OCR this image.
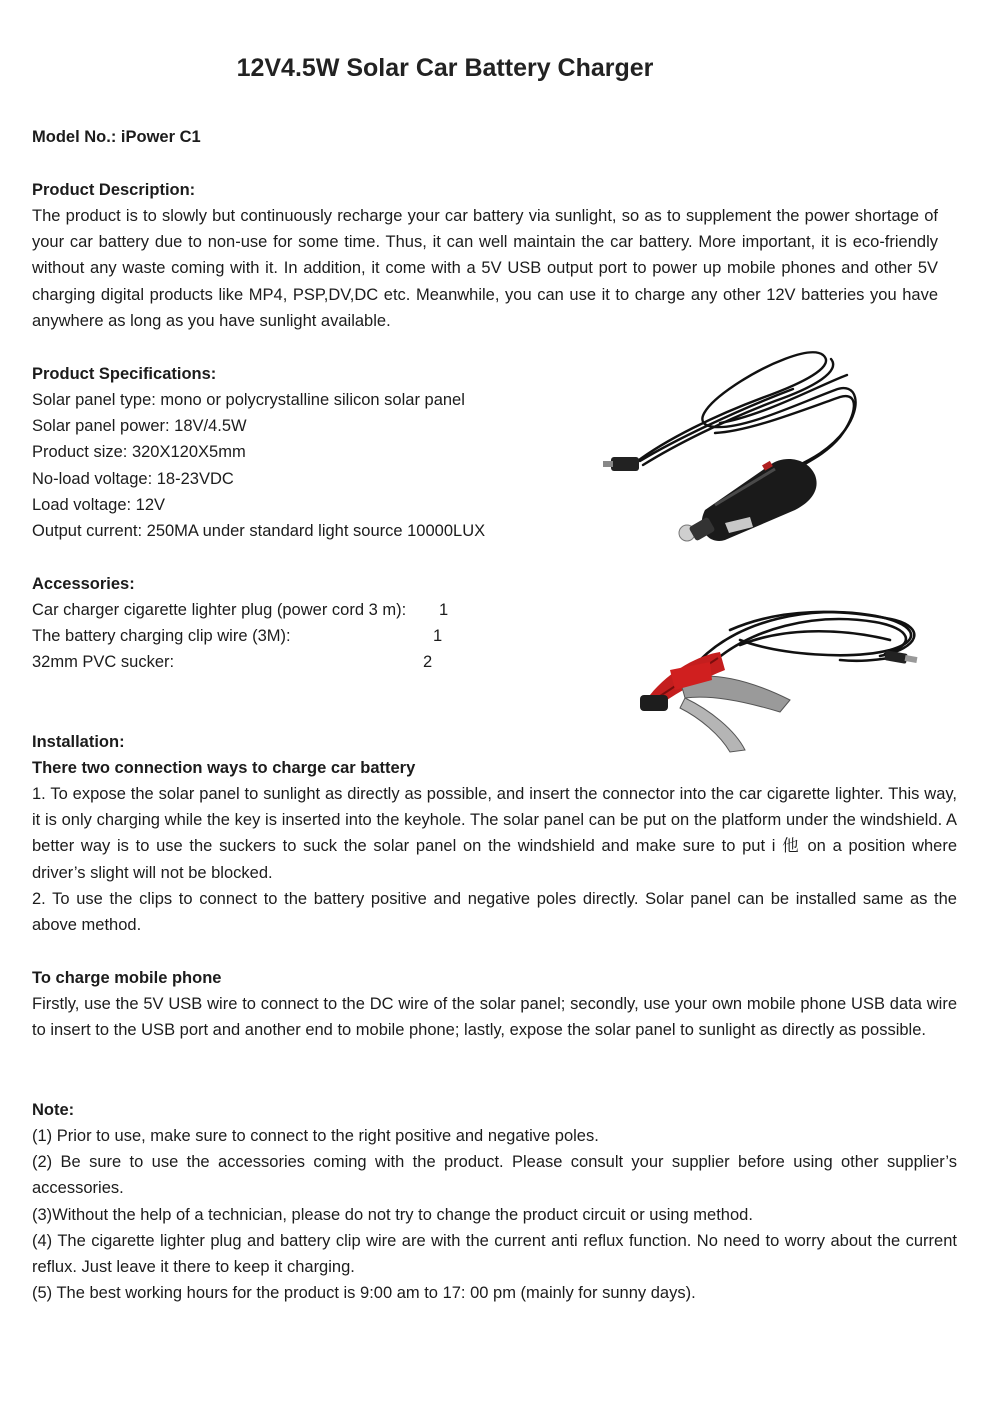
12V4.5W Solar Car Battery Charger
Model No.: iPower C1
Product Description:
The product is to slowly but continuously recharge your car battery via sunlight, so as to supplement the power shortage of your car battery due to non-use for some time. Thus, it can well maintain the car battery. More important, it is eco-friendly without any waste coming with it. In addition, it come with a 5V USB output port to power up mobile phones and other 5V charging digital products like MP4, PSP,DV,DC etc. Meanwhile, you can use it to charge any other 12V batteries you have anywhere as long as you have sunlight available.
Product Specifications:
Solar panel type: mono or polycrystalline silicon solar panel
Solar panel power: 18V/4.5W
Product size: 320X120X5mm
No-load voltage: 18-23VDC
Load voltage: 12V
Output current: 250MA under standard light source 10000LUX
Accessories:
Car charger cigarette lighter plug (power cord 3 m): 1
The battery charging clip wire (3M):	1
32mm PVC sucker:	2
Installation:
There two connection ways to charge car battery
1. To expose the solar panel to sunlight as directly as possible, and insert the connector into the car cigarette lighter. This way, it is only charging while the key is inserted into the keyhole. The solar panel can be put on the platform under the windshield. A better way is to use the suckers to suck the solar panel on the windshield and make sure to put i 他 on a position where driver’s slight will not be blocked.
2. To use the clips to connect to the battery positive and negative poles directly. Solar panel can be installed same as the above method.
To charge mobile phone
Firstly, use the 5V USB wire to connect to the DC wire of the solar panel; secondly, use your own mobile phone USB data wire to insert to the USB port and another end to mobile phone; lastly, expose the solar panel to sunlight as directly as possible.
Note:
(1) Prior to use, make sure to connect to the right positive and negative poles.
(2) Be sure to use the accessories coming with the product. Please consult your supplier before using other supplier’s accessories.
(3)Without the help of a technician, please do not try to change the product circuit or using method.
(4) The cigarette lighter plug and battery clip wire are with the current anti reflux function. No need to worry about the current reflux. Just leave it there to keep it charging.
(5) The best working hours for the product is 9:00 am to 17: 00 pm (mainly for sunny days).
